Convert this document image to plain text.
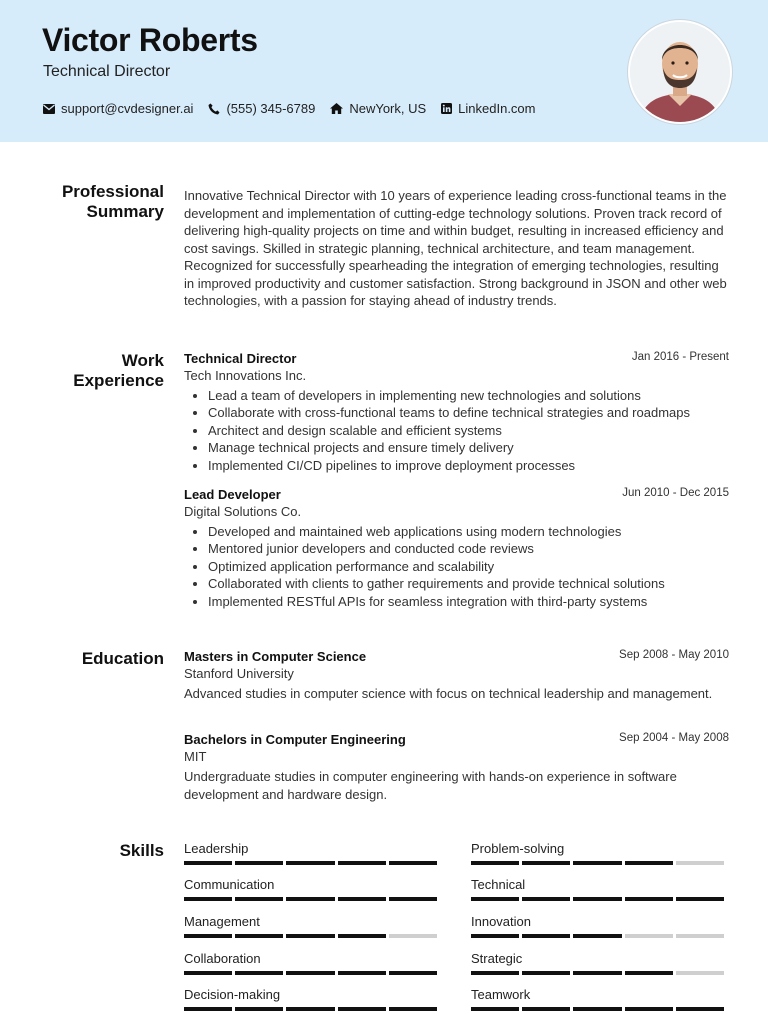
Victor Roberts
Technical Director
support@cvdesigner.ai	(555) 345-6789	NewYork, US LinkedIn.com
Professional Summary
Innovative Technical Director with 10 years of experience leading cross-functional teams in the development and implementation of cutting-edge technology solutions. Proven track record of delivering high-quality projects on time and within budget, resulting in increased efficiency and cost savings. Skilled in strategic planning, technical architecture, and team management. Recognized for successfully spearheading the integration of emerging technologies, resulting in improved productivity and customer satisfaction. Strong background in JSON and other web technologies, with a passion for staying ahead of industry trends.
Work Experience
Jan 2016 - Present
Technical Director
Tech Innovations Inc.
• Lead a team of developers in implementing new technologies and solutions
• Collaborate with cross-functional teams to define technical strategies and roadmaps
• Architect and design scalable and efficient systems
• Manage technical projects and ensure timely delivery
• Implemented CI/CD pipelines to improve deployment processes
Jun 2010 - Dec 2015
Lead Developer
Digital Solutions Co.
• Developed and maintained web applications using modern technologies
• Mentored junior developers and conducted code reviews
• Optimized application performance and scalability
• Collaborated with clients to gather requirements and provide technical solutions
• Implemented RESTful APIs for seamless integration with third-party systems
Education	Sep 2008 - May 2010
Masters in Computer Science
Stanford University
Advanced studies in computer science with focus on technical leadership and management.
Sep 2004 - May 2008
Bachelors in Computer Engineering
MIT
Undergraduate studies in computer engineering with hands-on experience in software development and hardware design.
Skills Leadership	Problem-solving
Communication	Technical
Management	Innovation
Collaboration	Strategic
Decision-making	Teamwork
